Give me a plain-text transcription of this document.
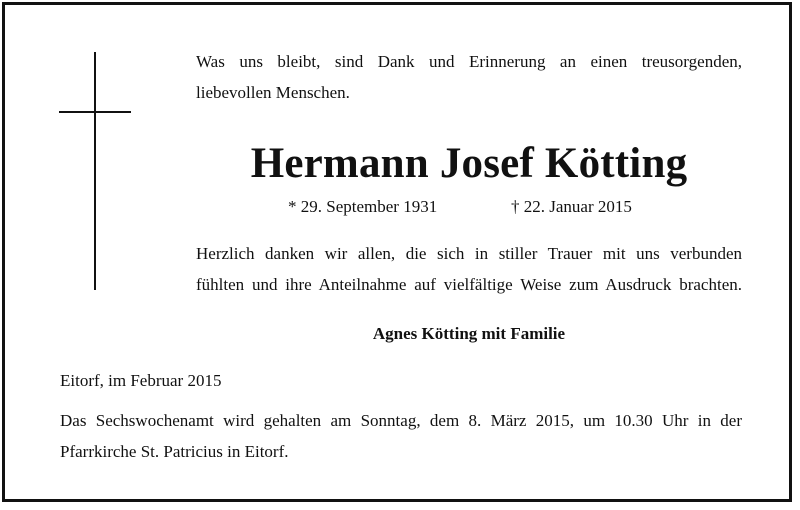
Was uns bleibt, sind Dank und Erinnerung an einen treusorgenden,
liebevollen Menschen.
Hermann Josef Kötting
* 29. September 1931	† 22. Januar 2015
Herzlich danken wir allen, die sich in stiller Trauer mit uns verbunden
fühlten und ihre Anteilnahme auf vielfältige Weise zum Ausdruck brachten.
Agnes Kötting mit Familie
Eitorf, im Februar 2015
Das Sechswochenamt wird gehalten am Sonntag, dem 8. März 2015, um 10.30 Uhr in der
Pfarrkirche St. Patricius in Eitorf.
